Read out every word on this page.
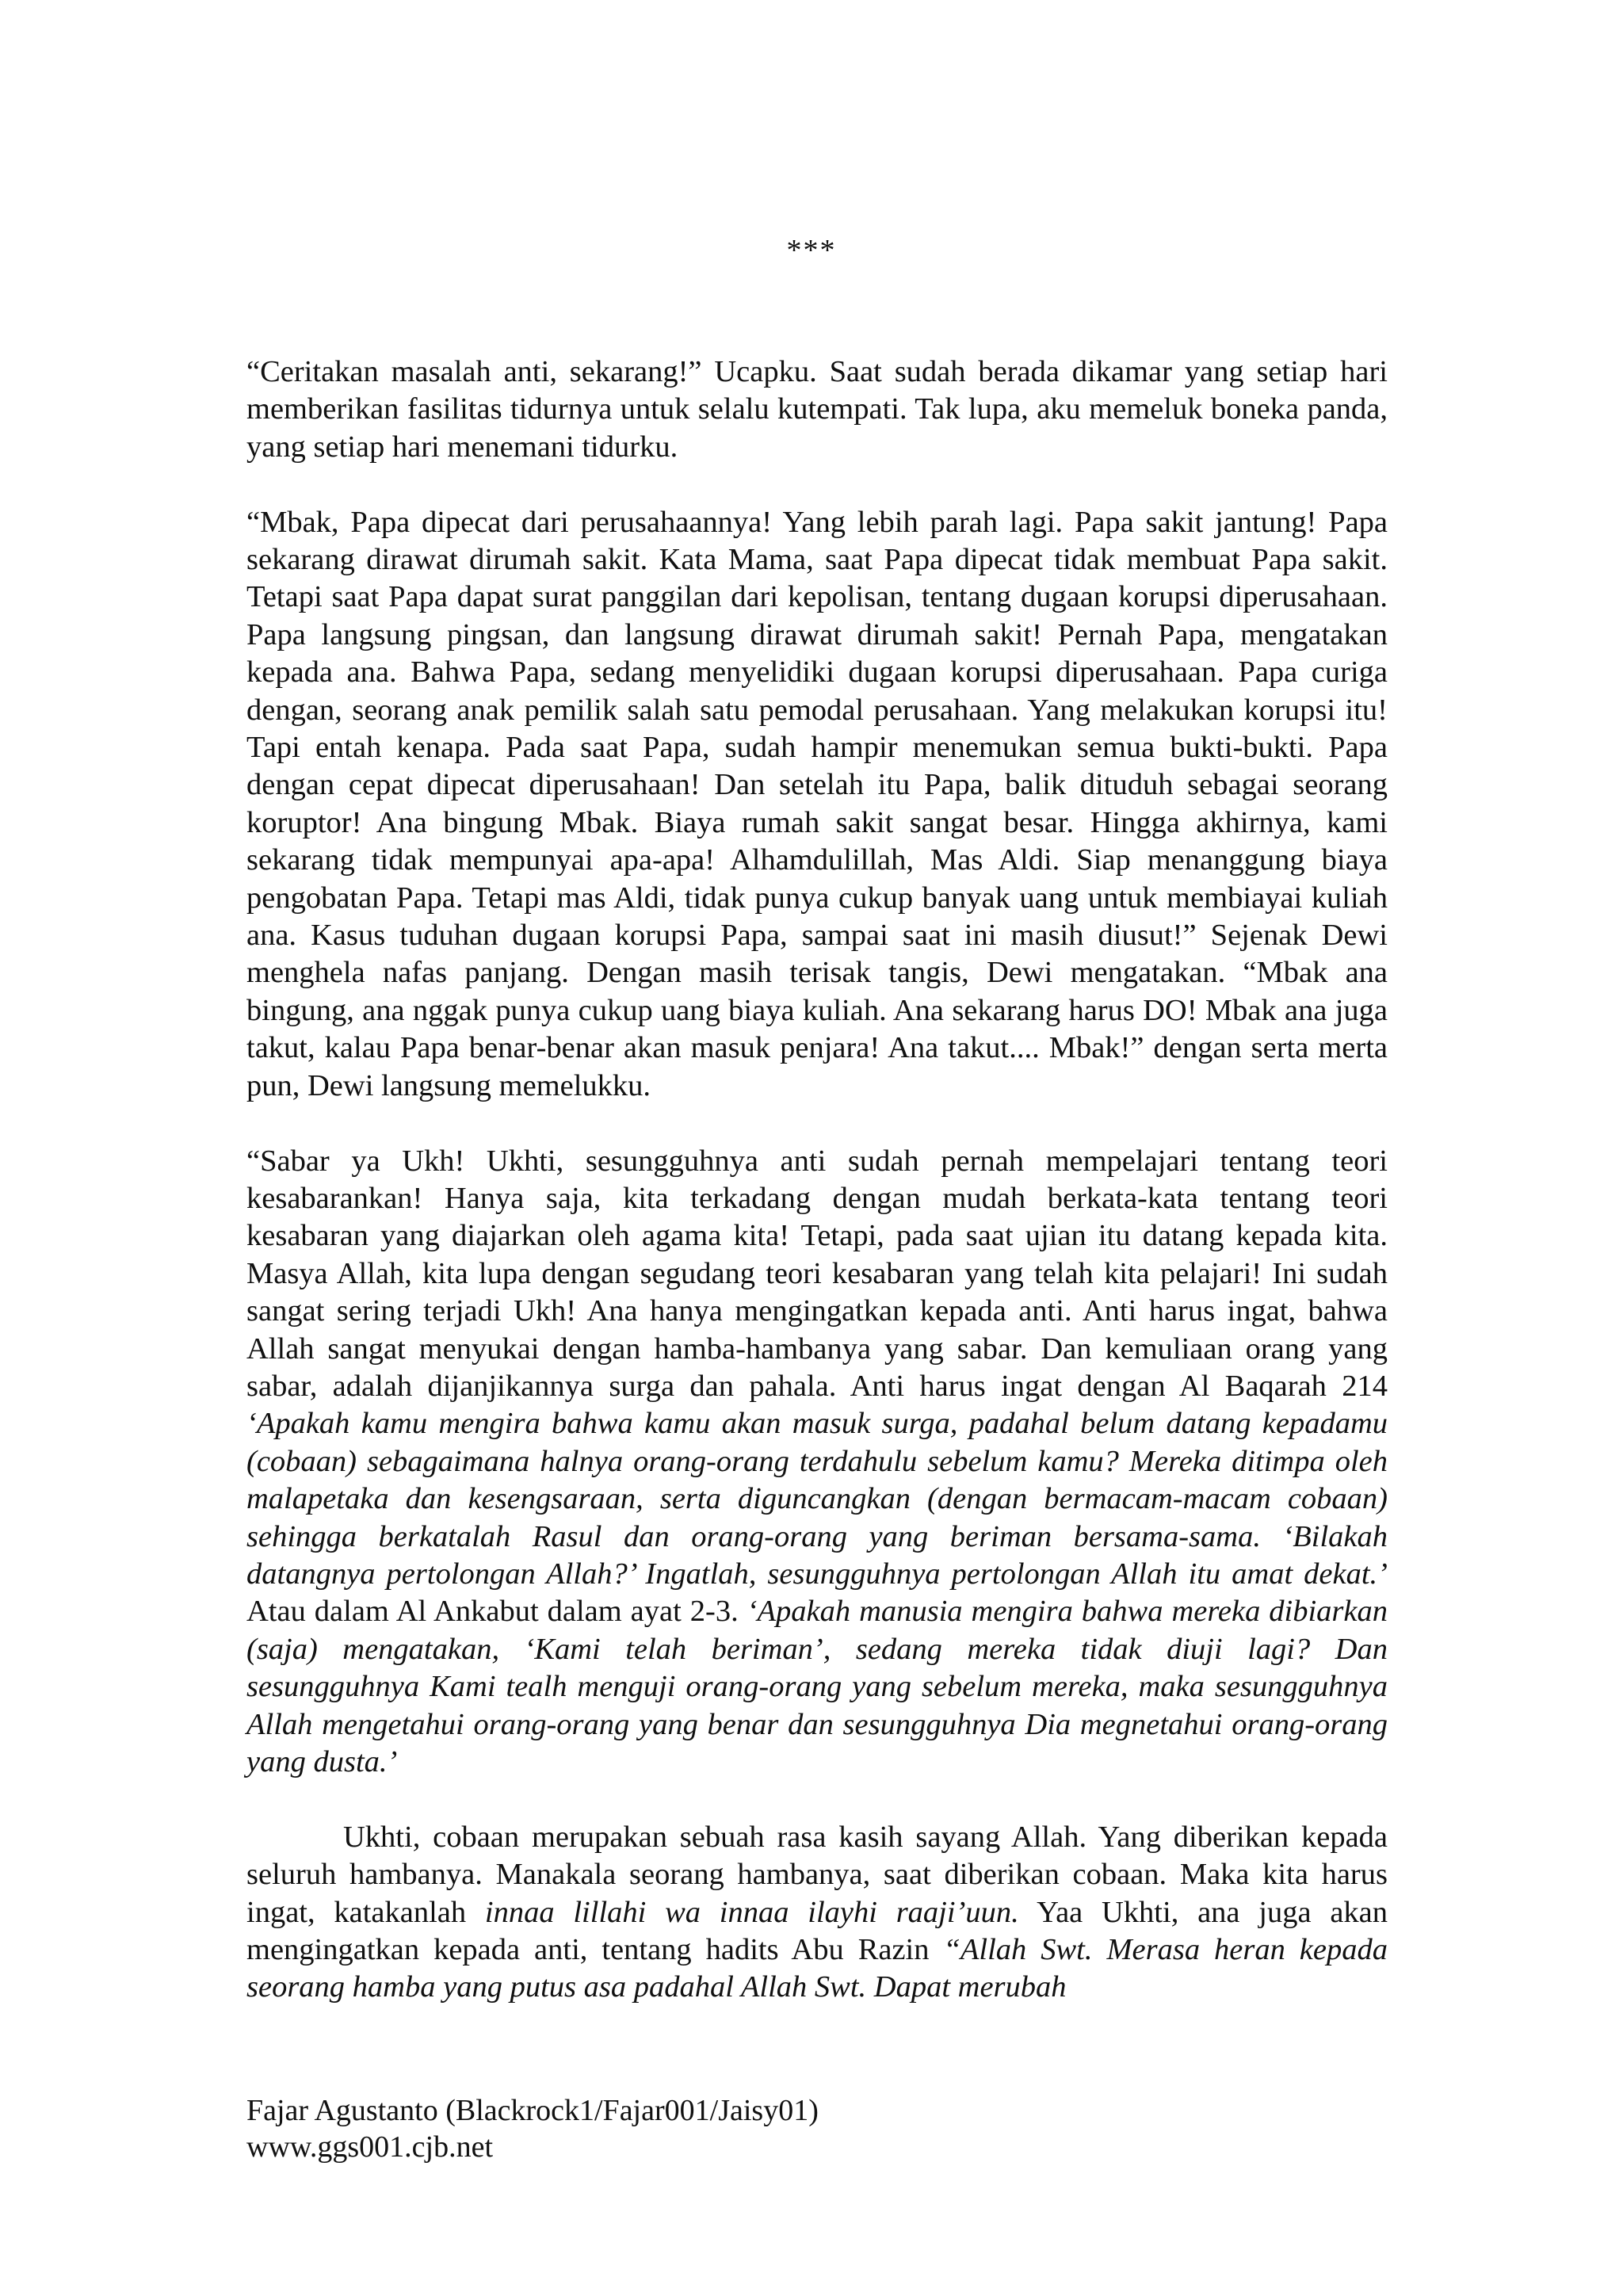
***

“Ceritakan masalah anti, sekarang!” Ucapku. Saat sudah berada dikamar yang setiap hari memberikan fasilitas tidurnya untuk selalu kutempati. Tak lupa, aku memeluk boneka panda, yang setiap hari menemani tidurku.

“Mbak, Papa dipecat dari perusahaannya! Yang lebih parah lagi. Papa sakit jantung! Papa sekarang dirawat dirumah sakit. Kata Mama, saat Papa dipecat tidak membuat Papa sakit. Tetapi saat Papa dapat surat panggilan dari kepolisan, tentang dugaan korupsi diperusahaan. Papa langsung pingsan, dan langsung dirawat dirumah sakit! Pernah Papa, mengatakan kepada ana. Bahwa Papa, sedang menyelidiki dugaan korupsi diperusahaan. Papa curiga dengan, seorang anak pemilik salah satu pemodal perusahaan. Yang melakukan korupsi itu! Tapi entah kenapa. Pada saat Papa, sudah hampir menemukan semua bukti-bukti. Papa dengan cepat dipecat diperusahaan! Dan setelah itu Papa, balik dituduh sebagai seorang koruptor! Ana bingung Mbak. Biaya rumah sakit sangat besar. Hingga akhirnya, kami sekarang tidak mempunyai apa-apa! Alhamdulillah, Mas Aldi. Siap menanggung biaya pengobatan Papa. Tetapi mas Aldi, tidak punya cukup banyak uang untuk membiayai kuliah ana. Kasus tuduhan dugaan korupsi Papa, sampai saat ini masih diusut!” Sejenak Dewi menghela nafas panjang. Dengan masih terisak tangis, Dewi mengatakan. “Mbak ana bingung, ana nggak punya cukup uang biaya kuliah. Ana sekarang harus DO! Mbak ana juga takut, kalau Papa benar-benar akan masuk penjara! Ana takut.... Mbak!” dengan serta merta pun, Dewi langsung memelukku.

“Sabar ya Ukh! Ukhti, sesungguhnya anti sudah pernah mempelajari tentang teori kesabarankan! Hanya saja, kita terkadang dengan mudah berkata-kata tentang teori kesabaran yang diajarkan oleh agama kita! Tetapi, pada saat ujian itu datang kepada kita. Masya Allah, kita lupa dengan segudang teori kesabaran yang telah kita pelajari! Ini sudah sangat sering terjadi Ukh! Ana hanya mengingatkan kepada anti. Anti harus ingat, bahwa Allah sangat menyukai dengan hamba-hambanya yang sabar. Dan kemuliaan orang yang sabar, adalah dijanjikannya surga dan pahala. Anti harus ingat dengan Al Baqarah 214 ‘Apakah kamu mengira bahwa kamu akan masuk surga, padahal belum datang kepadamu (cobaan) sebagaimana halnya orang-orang terdahulu sebelum kamu? Mereka ditimpa oleh malapetaka dan kesengsaraan, serta diguncangkan (dengan bermacam-macam cobaan) sehingga berkatalah Rasul dan orang-orang yang beriman bersama-sama. ‘Bilakah datangnya pertolongan Allah?’ Ingatlah, sesungguhnya pertolongan Allah itu amat dekat.’ Atau dalam Al Ankabut dalam ayat 2-3. ‘Apakah manusia mengira bahwa mereka dibiarkan (saja) mengatakan, ‘Kami telah beriman’, sedang mereka tidak diuji lagi? Dan sesungguhnya Kami tealh menguji orang-orang yang sebelum mereka, maka sesungguhnya Allah mengetahui orang-orang yang benar dan sesungguhnya Dia megnetahui orang-orang yang dusta.’

Ukhti, cobaan merupakan sebuah rasa kasih sayang Allah. Yang diberikan kepada seluruh hambanya. Manakala seorang hambanya, saat diberikan cobaan. Maka kita harus ingat, katakanlah innaa lillahi wa innaa ilayhi raaji’uun. Yaa Ukhti, ana juga akan mengingatkan kepada anti, tentang hadits Abu Razin “Allah Swt. Merasa heran kepada seorang hamba yang putus asa padahal Allah Swt. Dapat merubah

Fajar Agustanto (Blackrock1/Fajar001/Jaisy01)
www.ggs001.cjb.net
